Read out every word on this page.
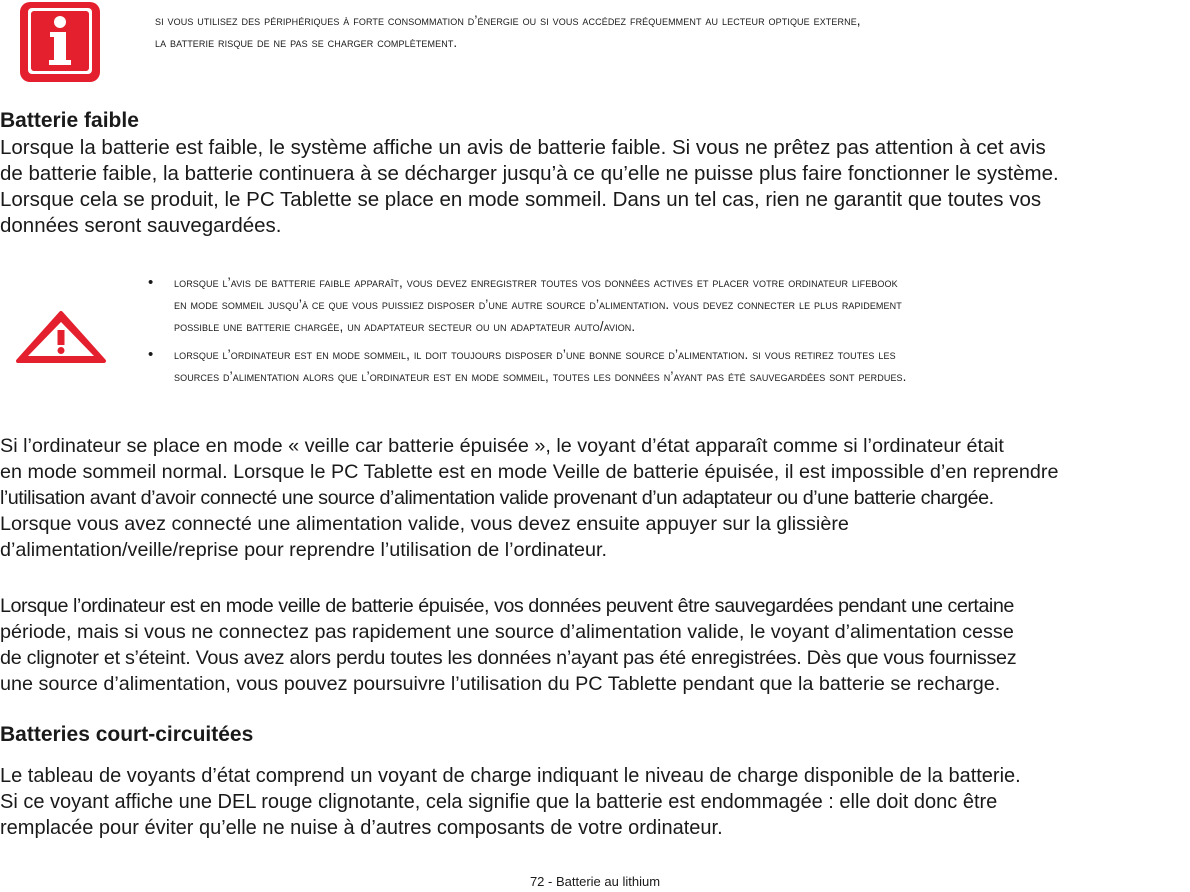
si vous utilisez des périphériques à forte consommation d’énergie ou si vous accédez fréquemment au lecteur optique externe,
la batterie risque de ne pas se charger complètement.
Batterie faible
Lorsque la batterie est faible, le système affiche un avis de batterie faible. Si vous ne prêtez pas attention à cet avis
de batterie faible, la batterie continuera à se décharger jusqu’à ce qu’elle ne puisse plus faire fonctionner le système.
Lorsque cela se produit, le PC Tablette se place en mode sommeil. Dans un tel cas, rien ne garantit que toutes vos
données seront sauvegardées.
• lorsque l’avis de batterie faible apparaît, vous devez enregistrer toutes vos données actives et placer votre ordinateur lifebook
en mode sommeil jusqu’à ce que vous puissiez disposer d’une autre source d’alimentation. vous devez connecter le plus rapidement
possible une batterie chargée, un adaptateur secteur ou un adaptateur auto/avion.
• lorsque l’ordinateur est en mode sommeil, il doit toujours disposer d’une bonne source d’alimentation. si vous retirez toutes les
sources d’alimentation alors que l’ordinateur est en mode sommeil, toutes les données n’ayant pas été sauvegardées sont perdues.
Si l’ordinateur se place en mode « veille car batterie épuisée », le voyant d’état apparaît comme si l’ordinateur était
en mode sommeil normal. Lorsque le PC Tablette est en mode Veille de batterie épuisée, il est impossible d’en reprendre
l’utilisation avant d’avoir connecté une source d’alimentation valide provenant d’un adaptateur ou d’une batterie chargée.
Lorsque vous avez connecté une alimentation valide, vous devez ensuite appuyer sur la glissière
d’alimentation/veille/reprise pour reprendre l’utilisation de l’ordinateur.
Lorsque l’ordinateur est en mode veille de batterie épuisée, vos données peuvent être sauvegardées pendant une certaine
période, mais si vous ne connectez pas rapidement une source d’alimentation valide, le voyant d’alimentation cesse
de clignoter et s’éteint. Vous avez alors perdu toutes les données n’ayant pas été enregistrées. Dès que vous fournissez
une source d’alimentation, vous pouvez poursuivre l’utilisation du PC Tablette pendant que la batterie se recharge.
Batteries court-circuitées
Le tableau de voyants d’état comprend un voyant de charge indiquant le niveau de charge disponible de la batterie.
Si ce voyant affiche une DEL rouge clignotante, cela signifie que la batterie est endommagée : elle doit donc être
remplacée pour éviter qu’elle ne nuise à d’autres composants de votre ordinateur.
72 - Batterie au lithium
